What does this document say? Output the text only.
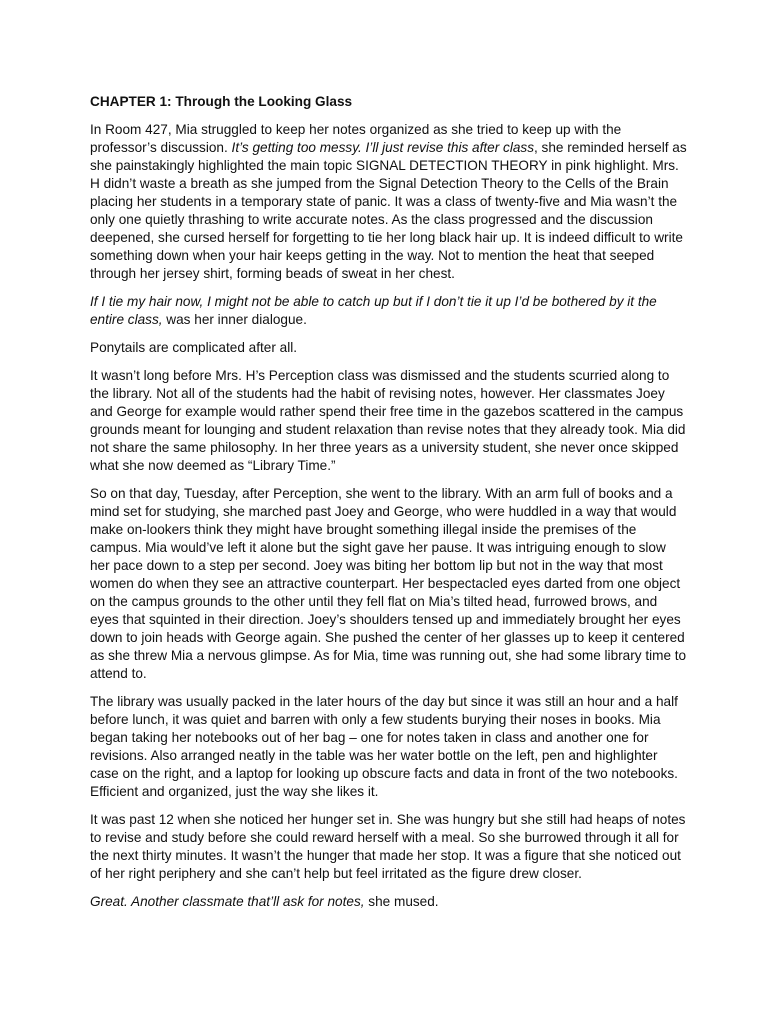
CHAPTER 1: Through the Looking Glass

In Room 427, Mia struggled to keep her notes organized as she tried to keep up with the professor’s discussion. It’s getting too messy. I’ll just revise this after class, she reminded herself as she painstakingly highlighted the main topic SIGNAL DETECTION THEORY in pink highlight. Mrs. H didn’t waste a breath as she jumped from the Signal Detection Theory to the Cells of the Brain placing her students in a temporary state of panic. It was a class of twenty-five and Mia wasn’t the only one quietly thrashing to write accurate notes. As the class progressed and the discussion deepened, she cursed herself for forgetting to tie her long black hair up. It is indeed difficult to write something down when your hair keeps getting in the way. Not to mention the heat that seeped through her jersey shirt, forming beads of sweat in her chest.

If I tie my hair now, I might not be able to catch up but if I don’t tie it up I’d be bothered by it the entire class, was her inner dialogue.

Ponytails are complicated after all.

It wasn’t long before Mrs. H’s Perception class was dismissed and the students scurried along to the library. Not all of the students had the habit of revising notes, however. Her classmates Joey and George for example would rather spend their free time in the gazebos scattered in the campus grounds meant for lounging and student relaxation than revise notes that they already took. Mia did not share the same philosophy. In her three years as a university student, she never once skipped what she now deemed as “Library Time.”

So on that day, Tuesday, after Perception, she went to the library. With an arm full of books and a mind set for studying, she marched past Joey and George, who were huddled in a way that would make on-lookers think they might have brought something illegal inside the premises of the campus. Mia would’ve left it alone but the sight gave her pause. It was intriguing enough to slow her pace down to a step per second. Joey was biting her bottom lip but not in the way that most women do when they see an attractive counterpart. Her bespectacled eyes darted from one object on the campus grounds to the other until they fell flat on Mia’s tilted head, furrowed brows, and eyes that squinted in their direction. Joey’s shoulders tensed up and immediately brought her eyes down to join heads with George again. She pushed the center of her glasses up to keep it centered as she threw Mia a nervous glimpse. As for Mia, time was running out, she had some library time to attend to.

The library was usually packed in the later hours of the day but since it was still an hour and a half before lunch, it was quiet and barren with only a few students burying their noses in books. Mia began taking her notebooks out of her bag – one for notes taken in class and another one for revisions. Also arranged neatly in the table was her water bottle on the left, pen and highlighter case on the right, and a laptop for looking up obscure facts and data in front of the two notebooks. Efficient and organized, just the way she likes it.

It was past 12 when she noticed her hunger set in. She was hungry but she still had heaps of notes to revise and study before she could reward herself with a meal. So she burrowed through it all for the next thirty minutes. It wasn’t the hunger that made her stop. It was a figure that she noticed out of her right periphery and she can’t help but feel irritated as the figure drew closer.

Great. Another classmate that’ll ask for notes, she mused.
